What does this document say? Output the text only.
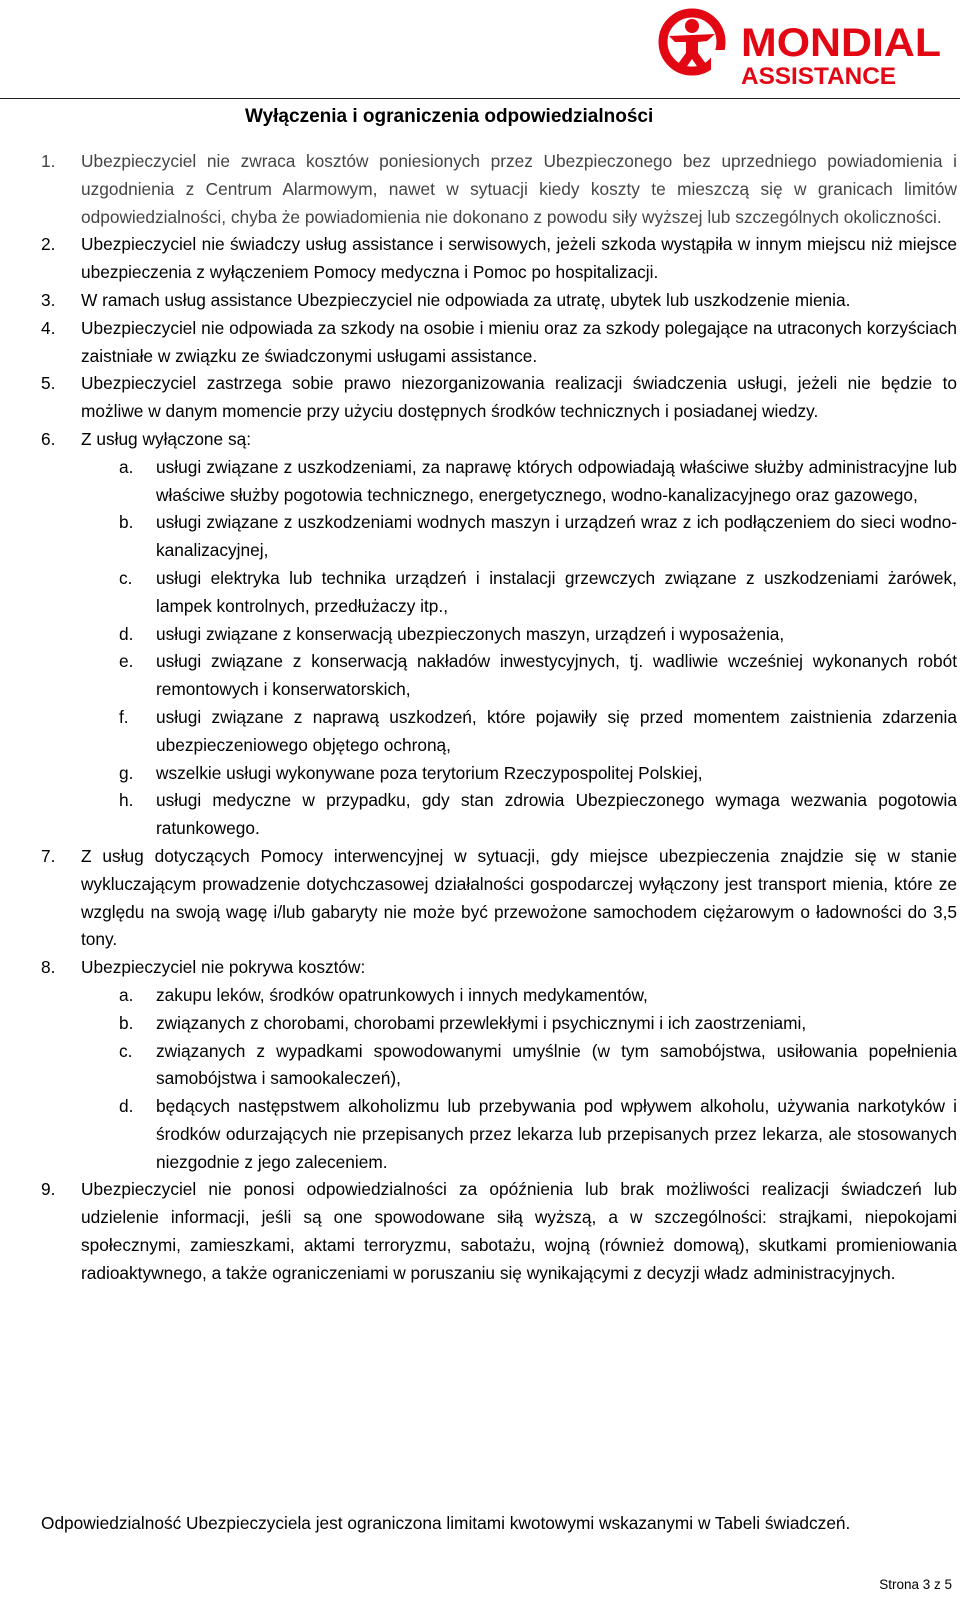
MONDIAL
ASSISTANCE
Wyłączenia i ograniczenia odpowiedzialności
1. Ubezpieczyciel nie zwraca kosztów poniesionych przez Ubezpieczonego bez uprzedniego powiadomienia i uzgodnienia z Centrum Alarmowym, nawet w sytuacji kiedy koszty te mieszczą się w granicach limitów odpowiedzialności, chyba że powiadomienia nie dokonano z powodu siły wyższej lub szczególnych okoliczności.
2. Ubezpieczyciel nie świadczy usług assistance i serwisowych, jeżeli szkoda wystąpiła w innym miejscu niż miejsce ubezpieczenia z wyłączeniem Pomocy medyczna i Pomoc po hospitalizacji.
3. W ramach usług assistance Ubezpieczyciel nie odpowiada za utratę, ubytek lub uszkodzenie mienia.
4. Ubezpieczyciel nie odpowiada za szkody na osobie i mieniu oraz za szkody polegające na utraconych korzyściach zaistniałe w związku ze świadczonymi usługami assistance.
5. Ubezpieczyciel zastrzega sobie prawo niezorganizowania realizacji świadczenia usługi, jeżeli nie będzie to możliwe w danym momencie przy użyciu dostępnych środków technicznych i posiadanej wiedzy.
6. Z usług wyłączone są:
a. usługi związane z uszkodzeniami, za naprawę których odpowiadają właściwe służby administracyjne lub właściwe służby pogotowia technicznego, energetycznego, wodno-kanalizacyjnego oraz gazowego,
b. usługi związane z uszkodzeniami wodnych maszyn i urządzeń wraz z ich podłączeniem do sieci wodno-kanalizacyjnej,
c. usługi elektryka lub technika urządzeń i instalacji grzewczych związane z uszkodzeniami żarówek, lampek kontrolnych, przedłużaczy itp.,
d. usługi związane z konserwacją ubezpieczonych maszyn, urządzeń i wyposażenia,
e. usługi związane z konserwacją nakładów inwestycyjnych, tj. wadliwie wcześniej wykonanych robót remontowych i konserwatorskich,
f. usługi związane z naprawą uszkodzeń, które pojawiły się przed momentem zaistnienia zdarzenia ubezpieczeniowego objętego ochroną,
g. wszelkie usługi wykonywane poza terytorium Rzeczypospolitej Polskiej,
h. usługi medyczne w przypadku, gdy stan zdrowia Ubezpieczonego wymaga wezwania pogotowia ratunkowego.
7. Z usług dotyczących Pomocy interwencyjnej w sytuacji, gdy miejsce ubezpieczenia znajdzie się w stanie wykluczającym prowadzenie dotychczasowej działalności gospodarczej wyłączony jest transport mienia, które ze względu na swoją wagę i/lub gabaryty nie może być przewożone samochodem ciężarowym o ładowności do 3,5 tony.
8. Ubezpieczyciel nie pokrywa kosztów:
a. zakupu leków, środków opatrunkowych i innych medykamentów,
b. związanych z chorobami, chorobami przewlekłymi i psychicznymi i ich zaostrzeniami,
c. związanych z wypadkami spowodowanymi umyślnie (w tym samobójstwa, usiłowania popełnienia samobójstwa i samookaleczeń),
d. będących następstwem alkoholizmu lub przebywania pod wpływem alkoholu, używania narkotyków i środków odurzających nie przepisanych przez lekarza lub przepisanych przez lekarza, ale stosowanych niezgodnie z jego zaleceniem.
9. Ubezpieczyciel nie ponosi odpowiedzialności za opóźnienia lub brak możliwości realizacji świadczeń lub udzielenie informacji, jeśli są one spowodowane siłą wyższą, a w szczególności: strajkami, niepokojami społecznymi, zamieszkami, aktami terroryzmu, sabotażu, wojną (również domową), skutkami promieniowania radioaktywnego, a także ograniczeniami w poruszaniu się wynikającymi z decyzji władz administracyjnych.
Odpowiedzialność Ubezpieczyciela jest ograniczona limitami kwotowymi wskazanymi w Tabeli świadczeń.
Strona 3 z 5
